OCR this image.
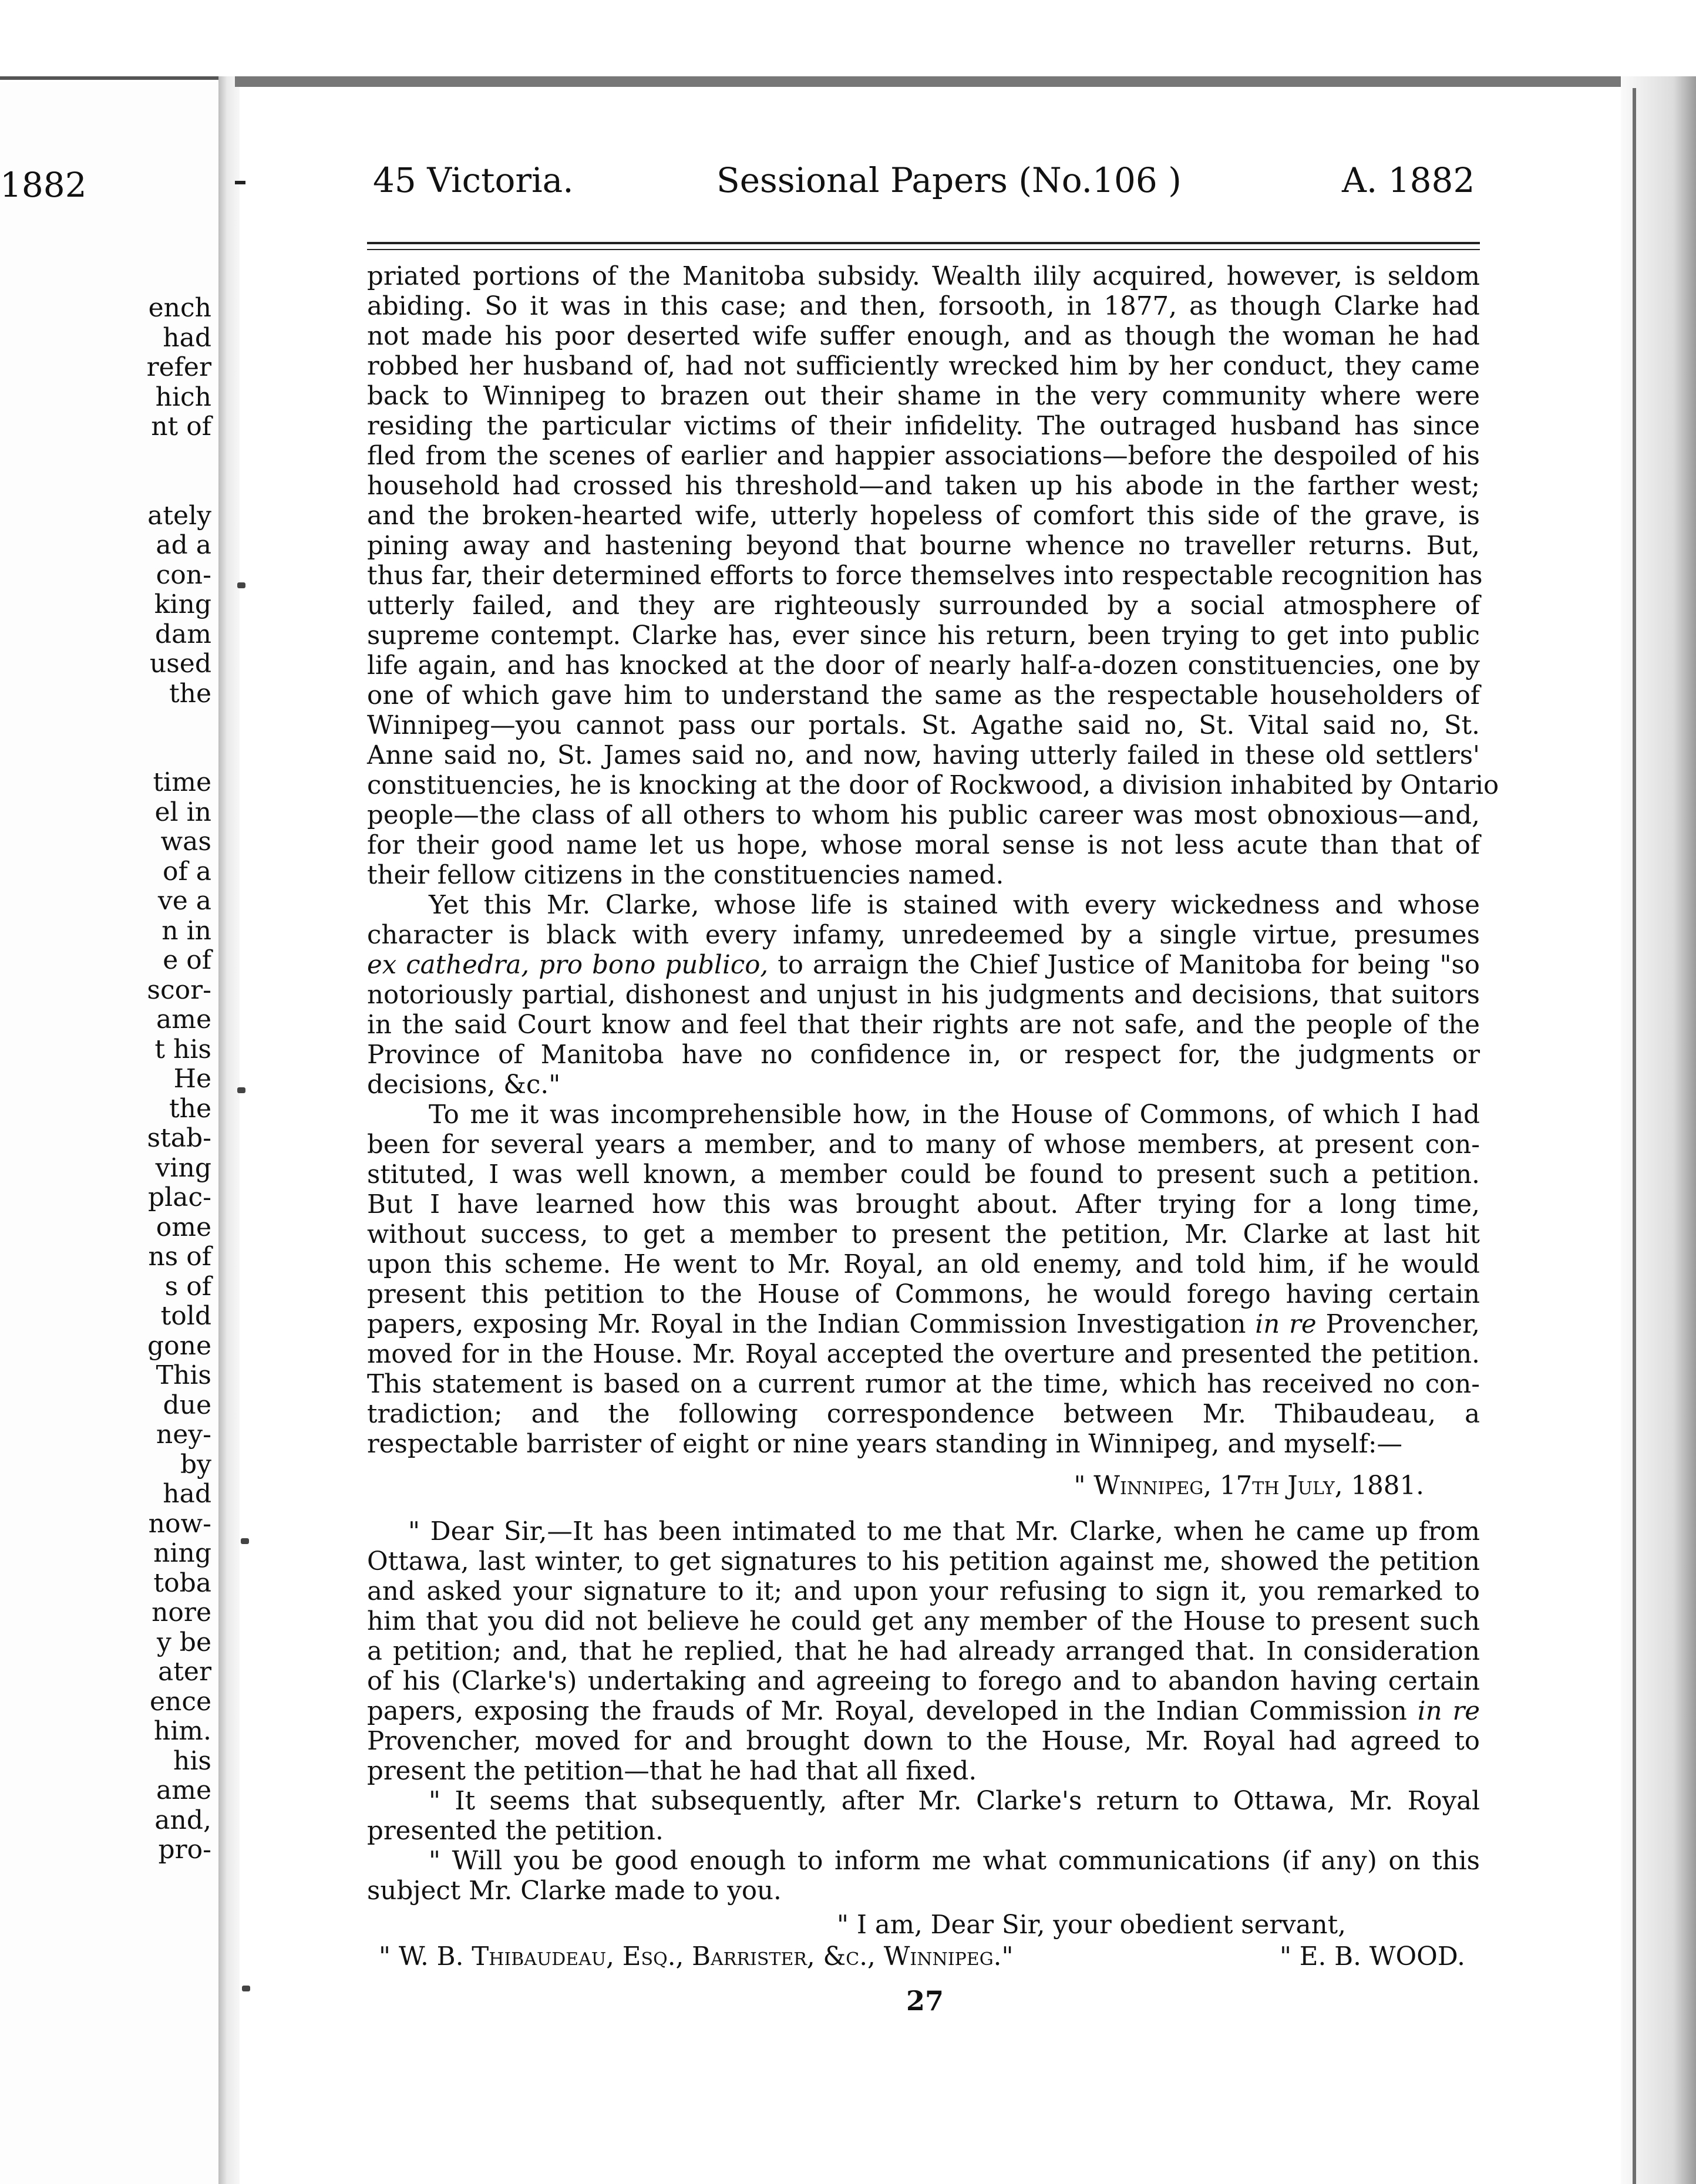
1882
ench
had
refer
hich
nt of
ately
ad a
con-
king
dam
used
the
time
el in
was
of a
ve a
n in
e of
scor-
ame
t his
He
the
stab-
ving
plac-
ome
ns of
s of
told
gone
This
due
ney-
by
had
now-
ning
toba
nore
y be
ater
ence
him.
his
ame
and,
pro-
45 Victoria.	Sessional Papers (No.106 )	A. 1882
priated portions of the Manitoba subsidy. Wealth ilily acquired, however, is seldom
abiding. So it was in this case; and then, forsooth, in 1877, as though Clarke had
not made his poor deserted wife suffer enough, and as though the woman he had
robbed her husband of, had not sufficiently wrecked him by her conduct, they came
back to Winnipeg to brazen out their shame in the very community where were
residing the particular victims of their infidelity. The outraged husband has since
fled from the scenes of earlier and happier associations—before the despoiled of his
household had crossed his threshold—and taken up his abode in the farther west;
and the broken-hearted wife, utterly hopeless of comfort this side of the grave, is
pining away and hastening beyond that bourne whence no traveller returns. But,
thus far, their determined efforts to force themselves into respectable recognition has
utterly failed, and they are righteously surrounded by a social atmosphere of
supreme contempt. Clarke has, ever since his return, been trying to get into public
life again, and has knocked at the door of nearly half-a-dozen constituencies, one by
one of which gave him to understand the same as the respectable householders of
Winnipeg—you cannot pass our portals. St. Agathe said no, St. Vital said no, St.
Anne said no, St. James said no, and now, having utterly failed in these old settlers'
constituencies, he is knocking at the door of Rockwood, a division inhabited by Ontario
people—the class of all others to whom his public career was most obnoxious—and,
for their good name let us hope, whose moral sense is not less acute than that of
their fellow citizens in the constituencies named.
Yet this Mr. Clarke, whose life is stained with every wickedness and whose
character is black with every infamy, unredeemed by a single virtue, presumes
ex cathedra, pro bono publico, to arraign the Chief Justice of Manitoba for being "so
notoriously partial, dishonest and unjust in his judgments and decisions, that suitors
in the said Court know and feel that their rights are not safe, and the people of the
Province of Manitoba have no confidence in, or respect for, the judgments or
decisions, &c."
To me it was incomprehensible how, in the House of Commons, of which I had
been for several years a member, and to many of whose members, at present con-
stituted, I was well known, a member could be found to present such a petition.
But I have learned how this was brought about. After trying for a long time,
without success, to get a member to present the petition, Mr. Clarke at last hit
upon this scheme. He went to Mr. Royal, an old enemy, and told him, if he would
present this petition to the House of Commons, he would forego having certain
papers, exposing Mr. Royal in the Indian Commission Investigation in re Provencher,
moved for in the House. Mr. Royal accepted the overture and presented the petition.
This statement is based on a current rumor at the time, which has received no con-
tradiction; and the following correspondence between Mr. Thibaudeau, a
respectable barrister of eight or nine years standing in Winnipeg, and myself:—
" Winnipeg, 17th July, 1881.
" Dear Sir,—It has been intimated to me that Mr. Clarke, when he came up from
Ottawa, last winter, to get signatures to his petition against me, showed the petition
and asked your signature to it; and upon your refusing to sign it, you remarked to
him that you did not believe he could get any member of the House to present such
a petition; and, that he replied, that he had already arranged that. In consideration
of his (Clarke's) undertaking and agreeing to forego and to abandon having certain
papers, exposing the frauds of Mr. Royal, developed in the Indian Commission in re
Provencher, moved for and brought down to the House, Mr. Royal had agreed to
present the petition—that he had that all fixed.
" It seems that subsequently, after Mr. Clarke's return to Ottawa, Mr. Royal
presented the petition.
" Will you be good enough to inform me what communications (if any) on this
subject Mr. Clarke made to you.
" I am, Dear Sir, your obedient servant,
" W. B. Thibaudeau, Esq., Barrister, &c., Winnipeg."	" E. B. WOOD.
27
